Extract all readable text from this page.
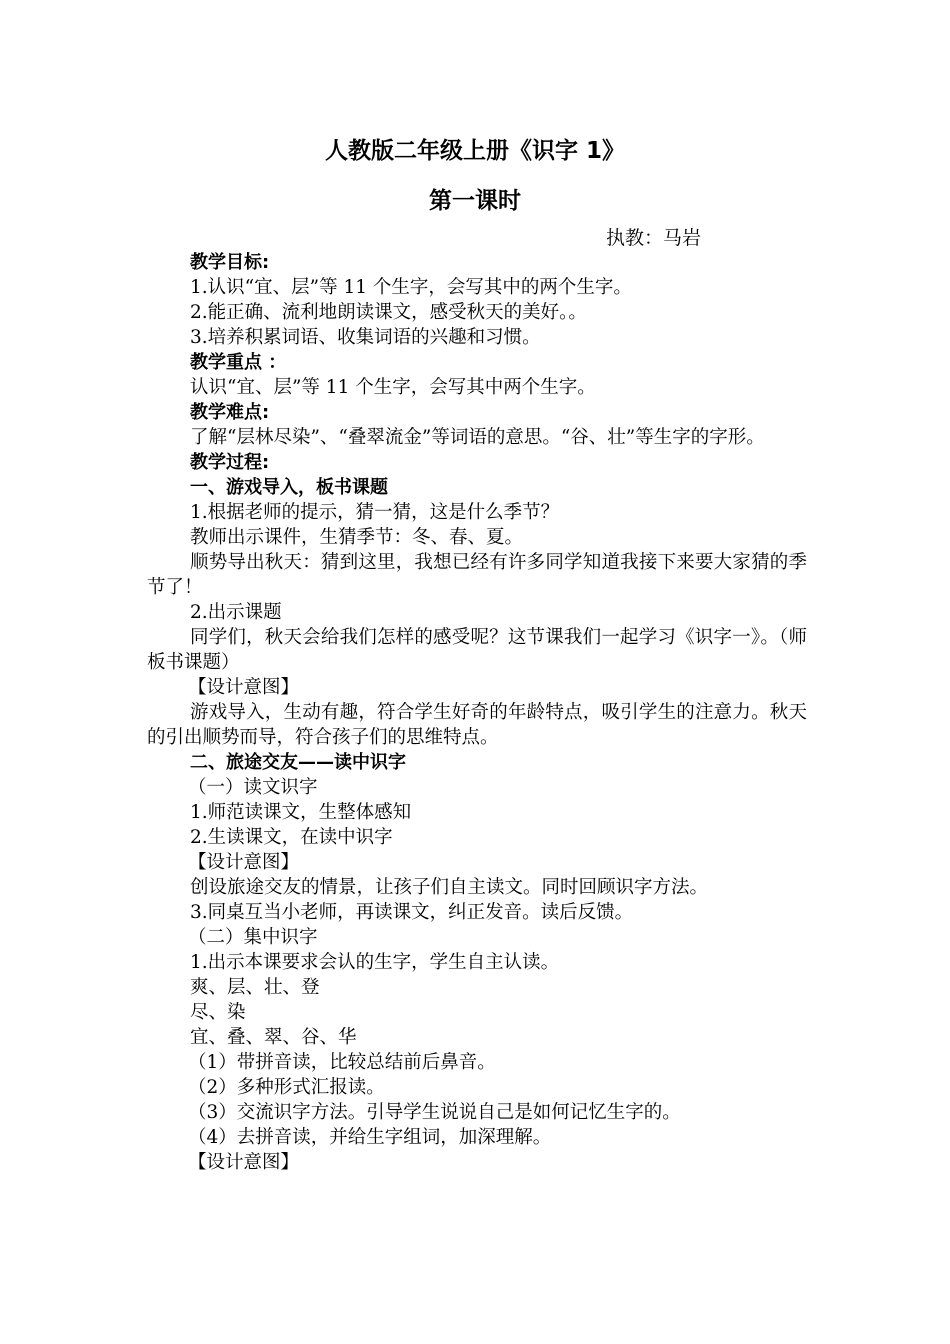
人教版二年级上册《识字 1》
第一课时
执教：马岩

教学目标:

1.认识“宜、层”等 11 个生字，会写其中的两个生字。

2.能正确、流利地朗读课文，感受秋天的美好。。

3.培养积累词语、收集词语的兴趣和习惯。

教学重点 ：

认识“宜、层”等 11 个生字，会写其中两个生字。

教学难点:

了解“层林尽染”、“叠翠流金”等词语的意思。“谷、壮”等生字的字形。

教学过程:

一、游戏导入，板书课题

1.根据老师的提示，猜一猜，这是什么季节？

教师出示课件，生猜季节：冬、春、夏。

顺势导出秋天：猜到这里，我想已经有许多同学知道我接下来要大家猜的季节了！

2.出示课题

同学们，秋天会给我们怎样的感受呢？这节课我们一起学习《识字一》。（师板书课题）

【设计意图】

游戏导入，生动有趣，符合学生好奇的年龄特点，吸引学生的注意力。秋天的引出顺势而导，符合孩子们的思维特点。

二、旅途交友——读中识字

（一）读文识字

1.师范读课文，生整体感知

2.生读课文，在读中识字

【设计意图】

创设旅途交友的情景，让孩子们自主读文。同时回顾识字方法。

3.同桌互当小老师，再读课文，纠正发音。读后反馈。

（二）集中识字

1.出示本课要求会认的生字，学生自主认读。

爽、层、壮、登

尽、染

宜、叠、翠、谷、华

（1）带拼音读，比较总结前后鼻音。

（2）多种形式汇报读。

（3）交流识字方法。引导学生说说自己是如何记忆生字的。

（4）去拼音读，并给生字组词，加深理解。

【设计意图】
